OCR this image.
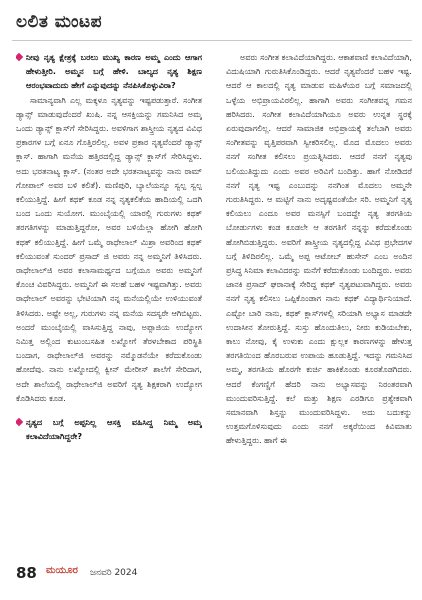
ಲಲಿತ ಮಂಟಪ

ನೀವು ನೃತ್ಯ ಕ್ಷೇತ್ರಕ್ಕೆ ಬರಲು ಮುಖ್ಯ ಕಾರಣ ಅಮ್ಮ ಎಂದು ಆಗಾಗ ಹೇಳುತ್ತೀರಿ. ಅಮ್ಮನ ಬಗ್ಗೆ ಹೇಳಿ. ಬಾಲ್ಯದ ನೃತ್ಯ ಶಿಕ್ಷಣ ಆರಂಭವಾದುದು ಹೇಗೆ ಎನ್ನುವುದನ್ನು ನೆನಪಿಸಿಕೊಳ್ಳುವಿರಾ?

ಸಾಮಾನ್ಯವಾಗಿ ಎಲ್ಲ ಮಕ್ಕಳೂ ನೃತ್ಯವನ್ನು ಇಷ್ಟಪಡುತ್ತಾರೆ. ಸಂಗೀತ ಡ್ಯಾನ್ಸ್ ಮಾಡುವುದೆಂದರೆ ಖುಷಿ. ನನ್ನ ಆಸಕ್ತಿಯನ್ನು ಗಮನಿಸಿದ ಅಮ್ಮ ಒಂದು ಡ್ಯಾನ್ಸ್ ಕ್ಲಾಸ್‌ಗೆ ಸೇರಿಸಿದ್ದರು. ಅವಳಿಗಾಗ ಶಾಸ್ತ್ರೀಯ ನೃತ್ಯದ ವಿವಿಧ ಪ್ರಕಾರಗಳ ಬಗ್ಗೆ ಏನೂ ಗೊತ್ತಿರಲಿಲ್ಲ. ಅವಳ ಪ್ರಕಾರ ನೃತ್ಯವೆಂದರೆ ಡ್ಯಾನ್ಸ್ ಕ್ಲಾಸ್. ಹಾಗಾಗಿ ಮನೆಯ ಹತ್ತಿರದಲ್ಲಿದ್ದ ಡ್ಯಾನ್ಸ್ ಕ್ಲಾಸ್‌ಗೆ ಸೇರಿಸಿದ್ದಳು. ಅದು ಭರತನಾಟ್ಯ ಕ್ಲಾಸ್. (ನಂತರ ಅದೇ ಭರತನಾಟ್ಯವನ್ನು ನಾನು ರಾಮ್ ಗೋಪಾಲ್ ಅವರ ಬಳಿ ಕಲಿತೆ). ಮಣಿಪುರಿ, ಬ್ಯಾಲೆಯನ್ನೂ ಸ್ವಲ್ಪ ಸ್ವಲ್ಪ ಕಲಿಯುತ್ತಿದ್ದೆ. ಹೀಗೆ ಕಥಕ್ ಕೂಡ ನನ್ನ ನೃತ್ಯಕಲಿಕೆಯ ಹಾದಿಯಲ್ಲಿ ಒದಗಿ ಬಂದ ಒಂದು ಸುಯೋಗ. ಮುಂಬೈಯಲ್ಲಿ ಯಾರಲ್ಲಿ ಗುರುಗಳು ಕಥಕ್ ತರಗತಿಗಳನ್ನು ಮಾಡುತ್ತಿದ್ದರೋ, ಅವರ ಬಳಿಯೆಲ್ಲಾ ಹೋಗಿ ಹೋಗಿ ಕಥಕ್ ಕಲಿಯುತ್ತಿದ್ದೆ. ಹೀಗೆ ಒಮ್ಮೆ ರಾಧೇಲಾಲ್ ಮಿಶ್ರಾ ಅವರಿಂದ ಕಥಕ್ ಕಲಿಯುವಂತೆ ಸುಂದರ್ ಪ್ರಸಾದ್ ಜಿ ಅವರು ನನ್ನ ಅಮ್ಮನಿಗೆ ತಿಳಿಸಿದರು. ರಾಧೇಲಾಲ್‌ಜಿ ಅವರ ಕಲಾಸಾಮರ್ಥ್ಯದ ಬಗ್ಗೆಯೂ ಅವರು ಅಮ್ಮನಿಗೆ ಕೊಂಚ ವಿವರಿಸಿದ್ದರು. ಅಮ್ಮನಿಗೆ ಈ ಸಲಹೆ ಬಹಳ ಇಷ್ಟವಾಗಿತ್ತು. ಅವರು ರಾಧೇಲಾಲ್ ಅವರನ್ನು ಭೇಟಿಯಾಗಿ ನನ್ನ ಮನೆಯಲ್ಲಿಯೇ ಉಳಿಯುವಂತೆ ತಿಳಿಸಿದರು. ಅಷ್ಟೇ ಅಲ್ಲ, ಗುರುಗಳು ನನ್ನ ಮನೆಯ ಸದಸ್ಯರೇ ಆಗಿಬಿಟ್ಟರು. ಅಂದರೆ ಮುಂಬೈಯಲ್ಲಿ ವಾಸಿಸುತ್ತಿದ್ದ ನಾವು, ಅಪ್ಪಾಜಿಯ ಉದ್ಯೋಗ ನಿಮಿತ್ತ ಅಲ್ಲಿಂದ ಕುಟುಂಬಸಹಿತ ಲಖ್ನೋಗೆ ತೆರಳಬೇಕಾದ ಪರಿಸ್ಥಿತಿ ಬಂದಾಗ, ರಾಧೇಲಾಲ್‌ಜಿ ಅವರನ್ನು ನಮ್ಮೊಡನೆಯೇ ಕರೆದುಕೊಂಡು ಹೋದೆವು. ನಾನು ಲಖ್ನೋದಲ್ಲಿ ಕ್ವೀನ್ ಮೇರೀಸ್ ಶಾಲೆಗೆ ಸೇರಿದಾಗ, ಅದೇ ಶಾಲೆಯಲ್ಲಿ ರಾಧೇಲಾಲ್‌ಜಿ ಅವರಿಗೆ ನೃತ್ಯ ಶಿಕ್ಷಕರಾಗಿ ಉದ್ಯೋಗ ಕೊಡಿಸಿದರು ಕೂಡ.

ನೃತ್ಯದ ಬಗ್ಗೆ ಅಪ್ಪನಿಲ್ಲ ಆಸಕ್ತಿ ವಹಿಸಿದ್ದ ನಿಮ್ಮ ಅಮ್ಮ ಕಲಾವಿದೆಯಾಗಿದ್ದರೇ?

ಅವರು ಸಂಗೀತ ಕಲಾವಿದೆಯಾಗಿದ್ದರು. ಆಕಾಶವಾಣಿ ಕಲಾವಿದೆಯಾಗಿ, ವಿದುಷಿಯಾಗಿ ಗುರುತಿಸಿಕೊಂಡಿದ್ದರು. ಆದರೆ ನೃತ್ಯವೆಂದರೆ ಬಹಳ ಇಷ್ಟ. ಆದರೆ ಆ ಕಾಲದಲ್ಲಿ ನೃತ್ಯ ಮಾಡುವ ಮಹಿಳೆಯರ ಬಗ್ಗೆ ಸಮಾಜದಲ್ಲಿ ಒಳ್ಳೆಯ ಅಭಿಪ್ರಾಯವಿರಲಿಲ್ಲ. ಹಾಗಾಗಿ ಅವರು ಸಂಗೀತವನ್ನ ಗಮನ ಹರಿಸಿದರು. ಸಂಗೀತ ಕಲಾವಿದೆಯಾಗಿಯೂ ಅವರು ಉನ್ನತ ಸ್ಥರಕ್ಕೆ ಏರುವುದಾಗಲಿಲ್ಲ. ಆದರೆ ಸಾಮಾಜಿಕ ಅಭಿಪ್ರಾಯಕ್ಕೆ ತಲೆಬಾಗಿ ಅವರು ಸಂಗೀತವನ್ನು ವೃತ್ತಿಪರವಾಗಿ ಸ್ವೀಕರಿಸಲಿಲ್ಲ. ಮೊದ ಮೊದಲು ಅವರು ನನಗೆ ಸಂಗೀತ ಕಲಿಸಲು ಪ್ರಯತ್ನಿಸಿದರು. ಆದರೆ ನನಗೆ ನೃತ್ಯವು ಬಲಿಯುತಿದ್ದುದು ಎಂದು ಅವರ ಅರಿವಿಗೆ ಬಂದಿತ್ತು. ಹಾಗೆ ನೋಡಿದರೆ ನನಗೆ ನೃತ್ಯ ಇಷ್ಟ ಎಂಬುದನ್ನು ನನಗಿಂತ ಮೊದಲು ಅಮ್ಮನೇ ಗುರುತಿಸಿದ್ದರು. ಆ ಮಟ್ಟಿಗೆ ನಾನು ಅದೃಷ್ಟವಂತೆಯೇ ಸರಿ. ಅಮ್ಮನಿಗೆ ನೃತ್ಯ ಕಲಿಯಲು ಎಂದೂ ಅವರ ಮನಸ್ಸಿಗೆ ಬಂದದ್ದೇ ನೃತ್ಯ ತರಗತಿಯ ಬೋರ್ಡುಗಳು ಕಂಡ ಕೂಡಲೇ ಆ ತರಗತಿಗೆ ನನ್ನನ್ನು ಕರೆದುಕೊಂಡು ಹೋಗಿಬಿಡುತ್ತಿದ್ದರು. ಅವರಿಗೆ ಶಾಸ್ತ್ರೀಯ ನೃತ್ಯದಲ್ಲಿದ್ದ ವಿವಿಧ ಪ್ರಭೇದಗಳ ಬಗ್ಗೆ ತಿಳಿದಿರಲಿಲ್ಲ. ಒಮ್ಮೆ ಅಪ್ಪ ಆಟೋಬ್ ಹುಸೇನ್ ಎಂಬ ಅಂದಿನ ಪ್ರಸಿದ್ಧ ಸಿನಿಮಾ ಕಲಾವಿದರನ್ನು ಮನೆಗೆ ಕರೆದುಕೊಂಡು ಬಂದಿದ್ದರು. ಅವರು ಜಾನಕಿ ಪ್ರಸಾದ್ ಘರಾನಾಕ್ಕೆ ಸೇರಿದ್ದ ಕಥಕ್ ನೃತ್ಯಪಟುವಾಗಿದ್ದರು. ಅವರು ನನಗೆ ನೃತ್ಯ ಕಲಿಸಲು ಒಪ್ಪಿಕೊಂಡಾಗ ನಾನು ಕಥಕ್ ವಿದ್ಯಾರ್ಥಿನಿಯಾದೆ. ಎಷ್ಟೋ ಬಾರಿ ನಾನು, ಕಥಕ್ ಕ್ಲಾಸ್‌ಗಳಲ್ಲಿ ಸರಿಯಾಗಿ ಅಭ್ಯಾಸ ಮಾಡದೇ ಉದಾಸೀನ ತೋರುತ್ತಿದ್ದೆ. ಸುಸ್ತು ಹೊಂದುತಿಲು, ನೀರು ಕುಡಿಯಬೇಕು, ಕಾಲು ನೋವು, ಕೈ ಉಳುಕು ಎಂದು ಕ್ಷುಲ್ಲಕ ಕಾರಣಗಳನ್ನು ಹೇಳುತ್ತ ತರಗತಿಯಿಂದ ಹೊರಬರುವ ಉಪಾಯ ಹೂಡುತ್ತಿದ್ದೆ. ಇದನ್ನು ಗಮನಿಸಿದ ಅಮ್ಮ, ತರಗತಿಯ ಹೊರಗೇ ಕುರ್ಚಿ ಹಾಕಿಕೊಂಡು ಕೂರತೊಡಗಿದರು. ಆದರೆ ಕೆಂಗಣ್ಣಿಗೆ ಹೆದರಿ ನಾನು ಅಭ್ಯಾಸವನ್ನು ನಿರಂತರವಾಗಿ ಮುಂದುವರಿಸುತ್ತಿದ್ದೆ. ಕಲೆ ಮತ್ತು ಶಿಕ್ಷಣ ಎರಡಿಗೂ ಪ್ರತ್ಯೇಕವಾಗಿ ಸಮಾನವಾಗಿ ಶಿಸ್ತನ್ನು ಮುಂದುವರಿಸಿದ್ದಳು. ಅದು ಬದುಕನ್ನು ಉತ್ತಮಗೊಳಿಸುವುದು ಎಂದು ನನಗೆ ಅಕ್ಕರೆಯಿಂದ ಕಿವಿಮಾತು ಹೇಳುತ್ತಿದ್ದರು. ಹಾಗೆ ಈ

88 ಮಯೂರ ಜನವರಿ 2024
